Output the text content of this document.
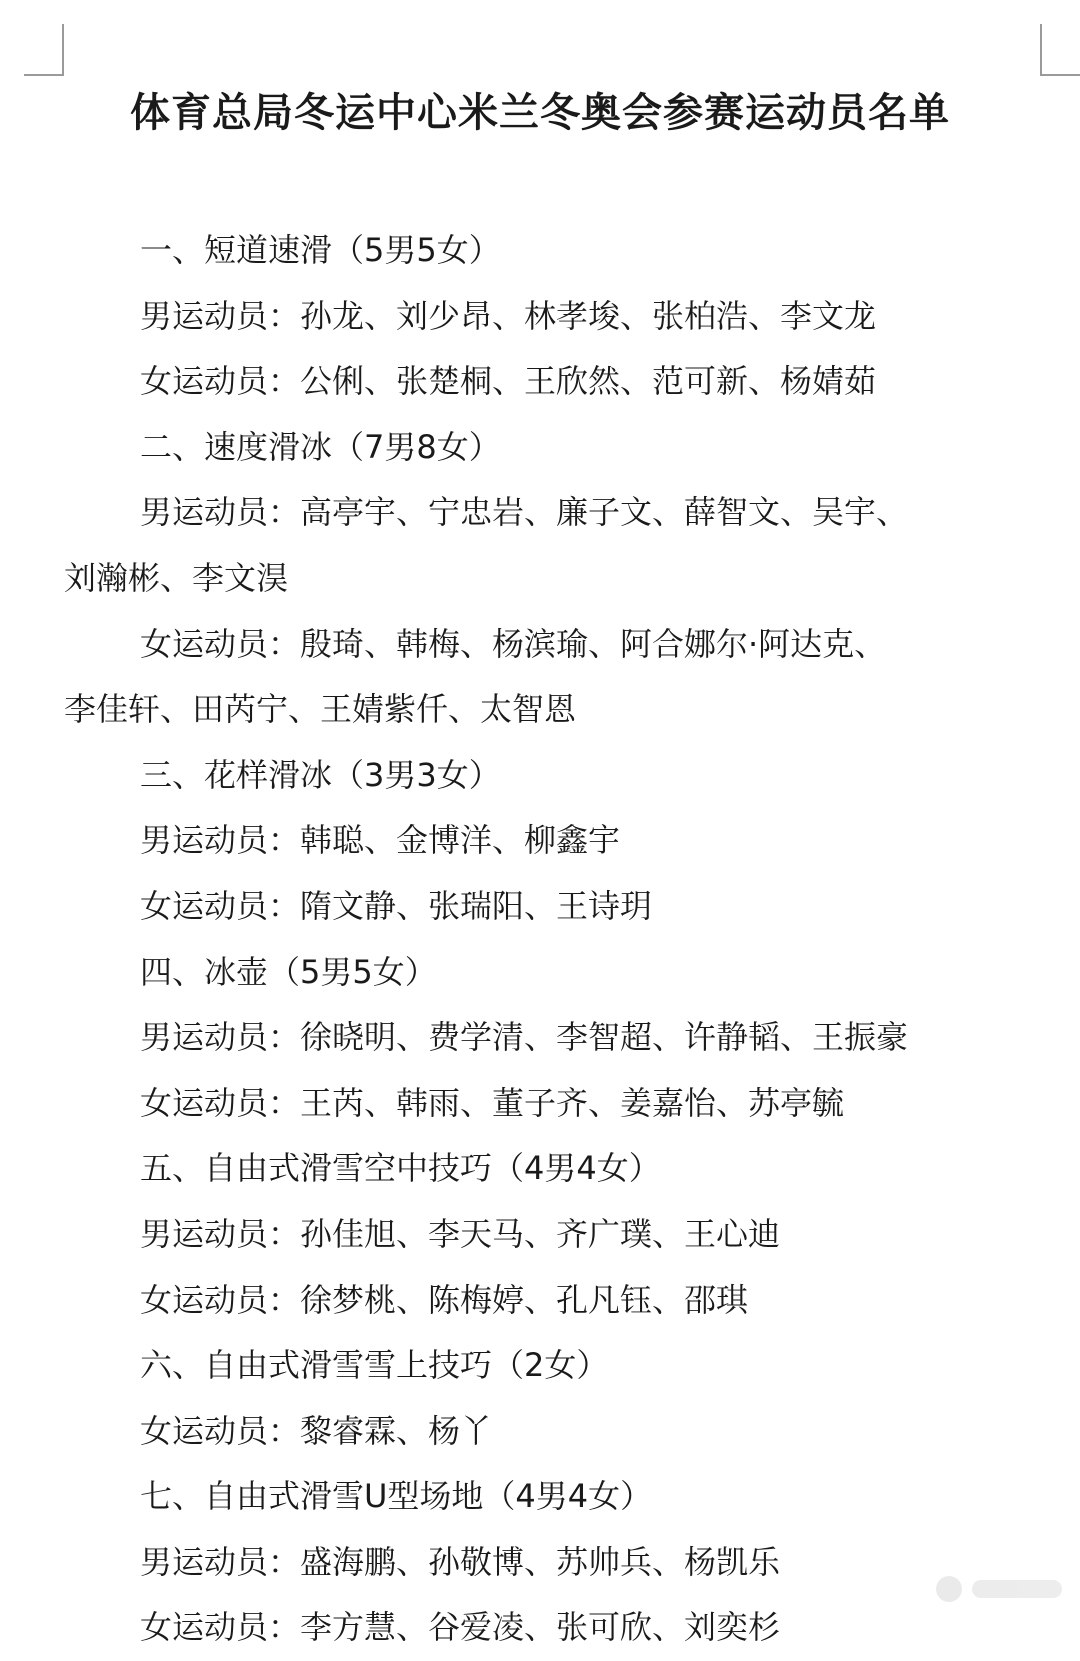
体育总局冬运中心米兰冬奥会参赛运动员名单

一、短道速滑（5男5女）

男运动员：孙龙、刘少昂、林孝埈、张柏浩、李文龙

女运动员：公俐、张楚桐、王欣然、范可新、杨婧茹

二、速度滑冰（7男8女）

男运动员：高亭宇、宁忠岩、廉子文、薛智文、吴宇、

刘瀚彬、李文淏

女运动员：殷琦、韩梅、杨滨瑜、阿合娜尔·阿达克、

李佳轩、田芮宁、王婧紫仟、太智恩

三、花样滑冰（3男3女）

男运动员：韩聪、金博洋、柳鑫宇

女运动员：隋文静、张瑞阳、王诗玥

四、冰壶（5男5女）

男运动员：徐晓明、费学清、李智超、许静韬、王振豪

女运动员：王芮、韩雨、董子齐、姜嘉怡、苏亭毓

五、自由式滑雪空中技巧（4男4女）

男运动员：孙佳旭、李天马、齐广璞、王心迪

女运动员：徐梦桃、陈梅婷、孔凡钰、邵琪

六、自由式滑雪雪上技巧（2女）

女运动员：黎睿霖、杨丫

七、自由式滑雪U型场地（4男4女）

男运动员：盛海鹏、孙敬博、苏帅兵、杨凯乐

女运动员：李方慧、谷爱凌、张可欣、刘奕杉
